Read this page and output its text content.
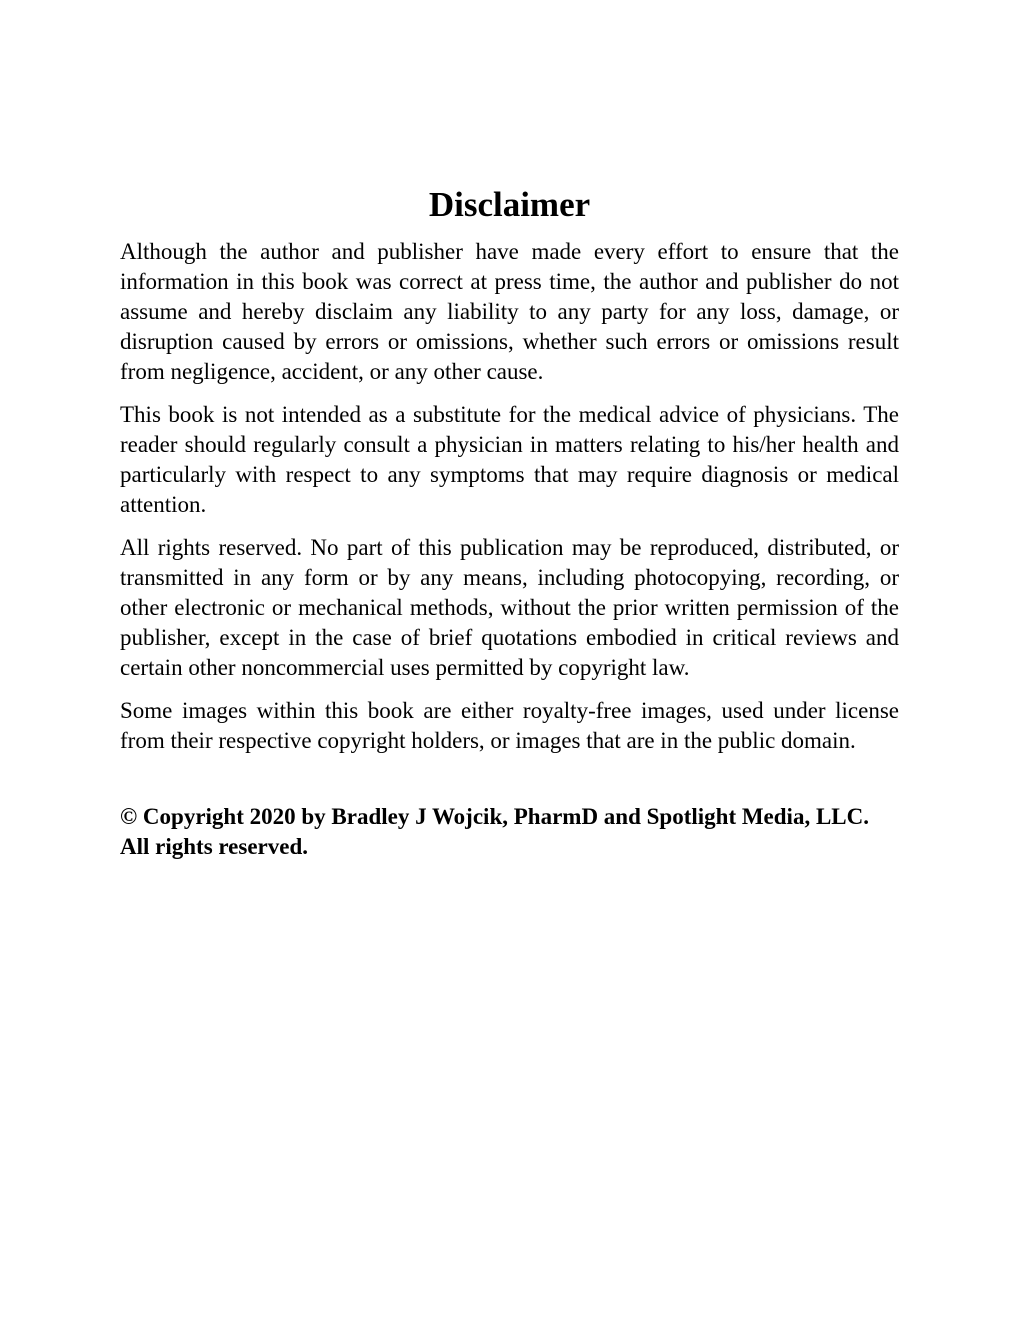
Disclaimer

Although the author and publisher have made every effort to ensure that the information in this book was correct at press time, the author and publisher do not assume and hereby disclaim any liability to any party for any loss, damage, or disruption caused by errors or omissions, whether such errors or omissions result from negligence, accident, or any other cause.

This book is not intended as a substitute for the medical advice of physicians. The reader should regularly consult a physician in matters relating to his/her health and particularly with respect to any symptoms that may require diagnosis or medical attention.

All rights reserved. No part of this publication may be reproduced, distributed, or transmitted in any form or by any means, including photocopying, recording, or other electronic or mechanical methods, without the prior written permission of the publisher, except in the case of brief quotations embodied in critical reviews and certain other noncommercial uses permitted by copyright law.

Some images within this book are either royalty-free images, used under license from their respective copyright holders, or images that are in the public domain.

© Copyright 2020 by Bradley J Wojcik, PharmD and Spotlight Media, LLC. All rights reserved.
